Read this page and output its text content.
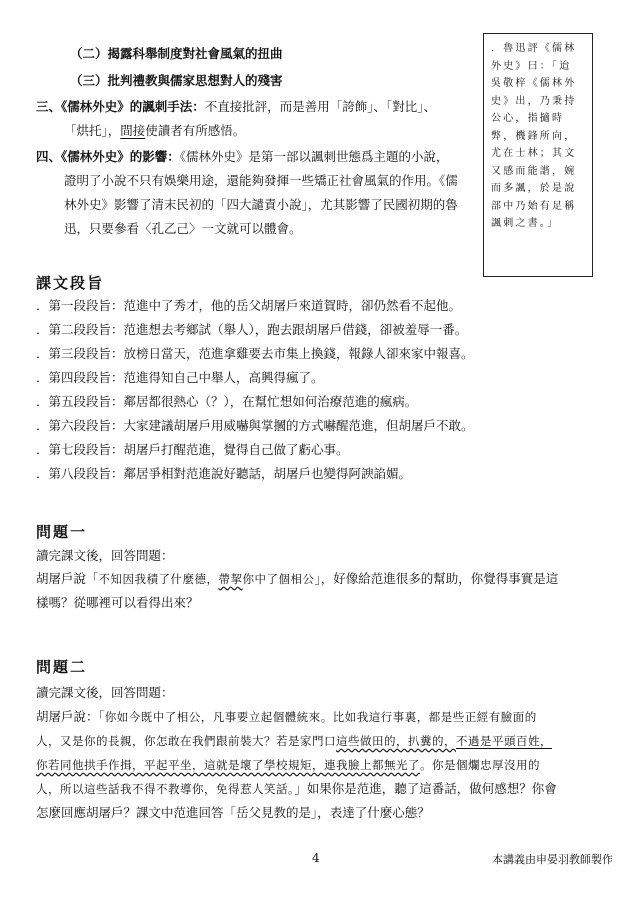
（二）揭露科舉制度對社會風氣的扭曲
（三）批判禮教與儒家思想對人的殘害
三、《儒林外史》的諷刺手法：不直接批評，而是善用「誇飾」、「對比」、
「烘托」，間接使讀者有所感悟。
四、《儒林外史》的影響：《儒林外史》是第一部以諷刺世態爲主題的小說，
證明了小說不只有娛樂用途，還能夠發揮一些矯正社會風氣的作用。《儒
林外史》影響了清末民初的「四大譴責小說」，尤其影響了民國初期的魯
迅，只要參看〈孔乙己〉一文就可以體會。
．魯迅評《儒林
外史》曰：「迨
吳敬梓《儒林外
史》出，乃秉持
公心，指擿時
弊，機鋒所向，
尤在士林；其文
又感而能諧，婉
而多諷，於是說
部中乃始有足稱
諷刺之書。」
課文段旨
．第一段段旨：范進中了秀才，他的岳父胡屠戶來道賀時，卻仍然看不起他。
．第二段段旨：范進想去考鄉試（舉人），跑去跟胡屠戶借錢，卻被羞辱一番。
．第三段段旨：放榜日當天，范進拿雞要去市集上換錢，報錄人卻來家中報喜。
．第四段段旨：范進得知自己中舉人，高興得瘋了。
．第五段段旨：鄰居都很熱心（？），在幫忙想如何治療范進的瘋病。
．第六段段旨：大家建議胡屠戶用威嚇與掌摑的方式嚇醒范進，但胡屠戶不敢。
．第七段段旨：胡屠戶打醒范進，覺得自己做了虧心事。
．第八段段旨：鄰居爭相對范進說好聽話，胡屠戶也變得阿諛諂媚。
問題一
讀完課文後，回答問題：
胡屠戶說「不知因我積了什麼德，帶挈你中了個相公」，好像給范進很多的幫助，你覺得事實是這
樣嗎？從哪裡可以看得出來？
問題二
讀完課文後，回答問題：
胡屠戶說：「你如今既中了相公，凡事要立起個體統來。比如我這行事裏，都是些正經有臉面的
人，又是你的長親，你怎敢在我們跟前裝大？若是家門口這些做田的，扒糞的，不過是平頭百姓，
你若同他拱手作揖，平起平坐，這就是壞了學校規矩，連我臉上都無光了。你是個爛忠厚沒用的
人，所以這些話我不得不教導你，免得惹人笑話。」如果你是范進，聽了這番話，做何感想？你會
怎麼回應胡屠戶？課文中范進回答「岳父見教的是」，表達了什麼心態？
4	本講義由申晏羽教師製作
